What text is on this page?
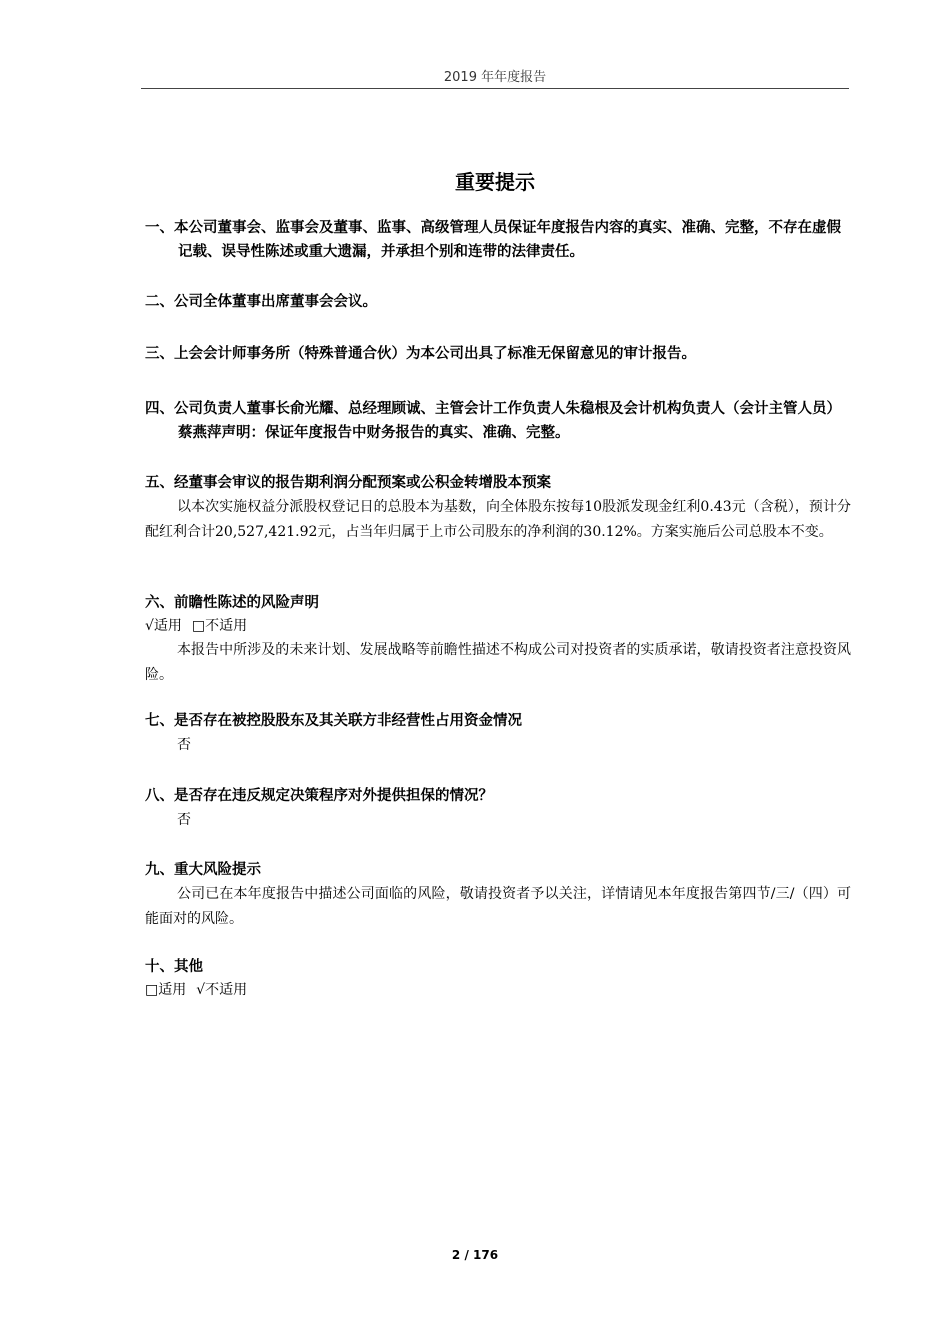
2019 年年度报告
重要提示
一、本公司董事会、监事会及董事、监事、高级管理人员保证年度报告内容的真实、准确、完整，不存在虚假记载、误导性陈述或重大遗漏，并承担个别和连带的法律责任。
二、公司全体董事出席董事会会议。
三、上会会计师事务所（特殊普通合伙）为本公司出具了标准无保留意见的审计报告。
四、公司负责人董事长俞光耀、总经理顾诚、主管会计工作负责人朱稳根及会计机构负责人（会计主管人员）蔡燕萍声明：保证年度报告中财务报告的真实、准确、完整。
五、经董事会审议的报告期利润分配预案或公积金转增股本预案
以本次实施权益分派股权登记日的总股本为基数，向全体股东按每10股派发现金红利0.43元（含税），预计分配红利合计20,527,421.92元，占当年归属于上市公司股东的净利润的30.12%。方案实施后公司总股本不变。
六、前瞻性陈述的风险声明
√适用 □不适用
本报告中所涉及的未来计划、发展战略等前瞻性描述不构成公司对投资者的实质承诺，敬请投资者注意投资风险。
七、是否存在被控股股东及其关联方非经营性占用资金情况
否
八、是否存在违反规定决策程序对外提供担保的情况？
否
九、重大风险提示
公司已在本年度报告中描述公司面临的风险，敬请投资者予以关注，详情请见本年度报告第四节/三/（四）可能面对的风险。
十、其他
□适用 √不适用
2 / 176
